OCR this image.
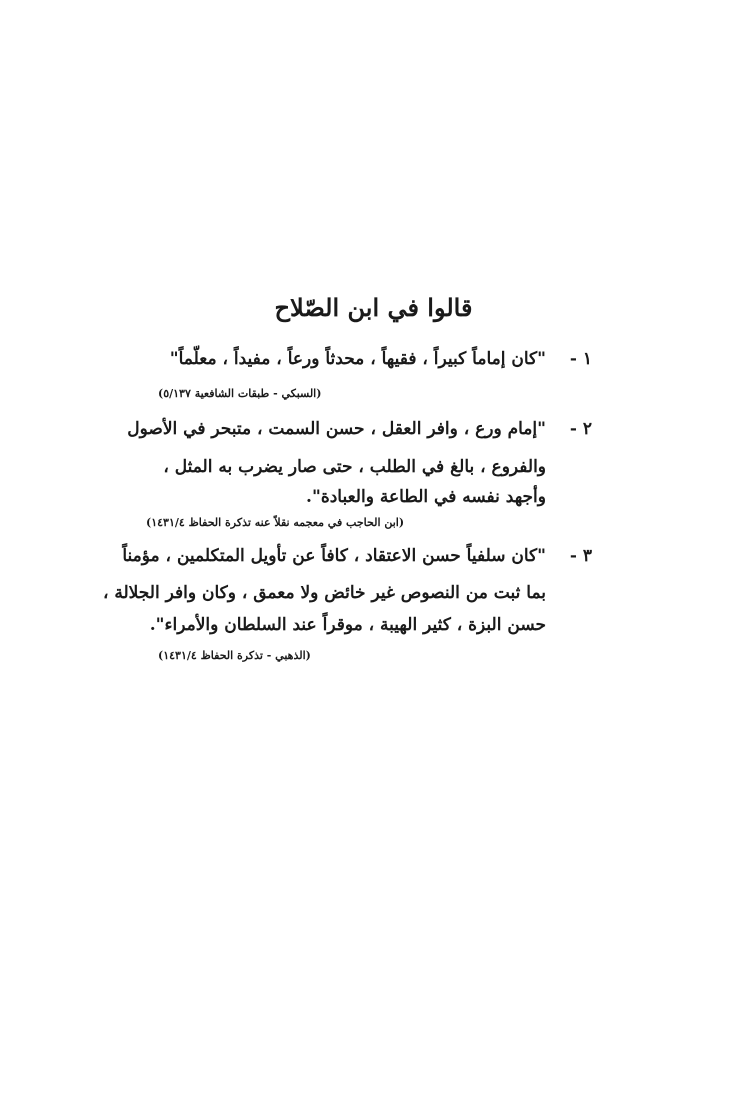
قالوا في ابن الصّلاح
١ -"كان إماماً كبيراً ، فقيهاً ، محدثاً ورعاً ، مفيداً ، معلّماً"
(السبكي - طبقات الشافعية ٥/١٣٧)
٢ -"إمام ورع ، وافر العقل ، حسن السمت ، متبحر في الأصول
والفروع ، بالغ في الطلب ، حتى صار يضرب به المثل ،
وأجهد نفسه في الطاعة والعبادة".
(ابن الحاجب في معجمه نقلاً عنه تذكرة الحفاظ ١٤٣١/٤)
٣ -"كان سلفياً حسن الاعتقاد ، كافاً عن تأويل المتكلمين ، مؤمناً
بما ثبت من النصوص غير خائض ولا معمق ، وكان وافر الجلالة ،
حسن البزة ، كثير الهيبة ، موقراً عند السلطان والأمراء".
(الذهبي - تذكرة الحفاظ ١٤٣١/٤)
